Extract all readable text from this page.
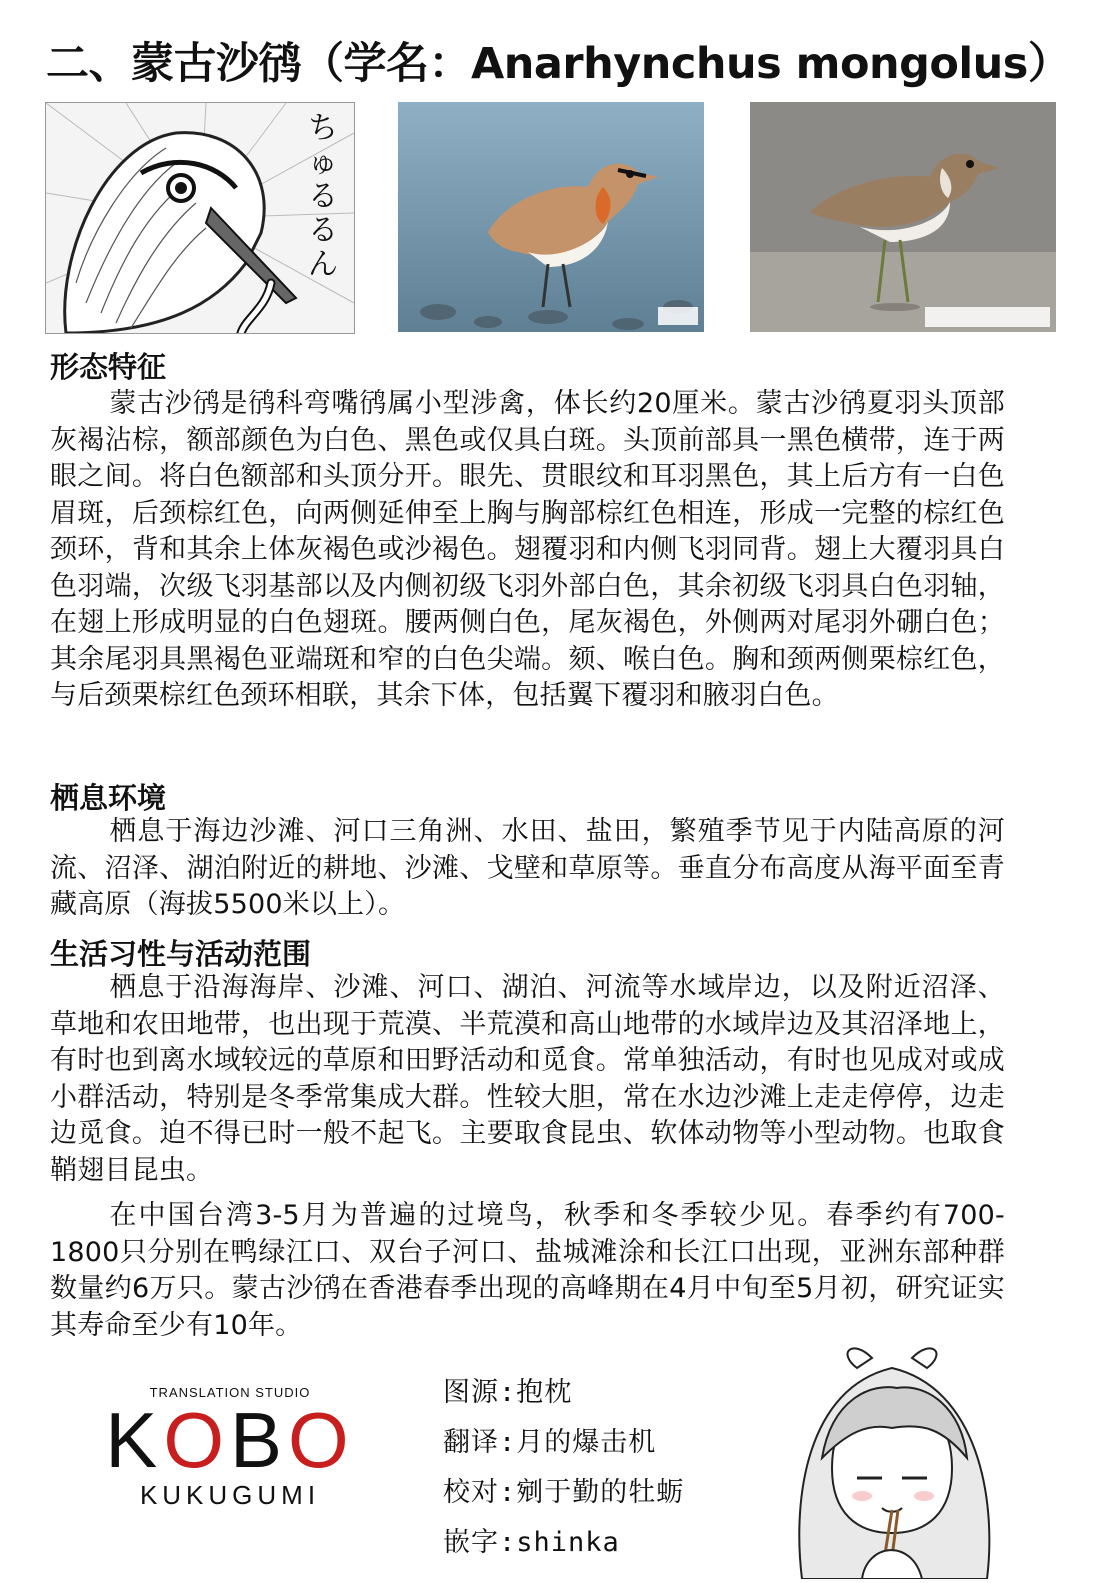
二、蒙古沙鸻（学名：Anarhynchus mongolus）
ちゅるるん
形态特征

蒙古沙鸻是鸻科弯嘴鸻属小型涉禽，体长约20厘米。蒙古沙鸻夏羽头顶部灰褐沾棕，额部颜色为白色、黑色或仅具白斑。头顶前部具一黑色横带，连于两眼之间。将白色额部和头顶分开。眼先、贯眼纹和耳羽黑色，其上后方有一白色眉斑，后颈棕红色，向两侧延伸至上胸与胸部棕红色相连，形成一完整的棕红色颈环，背和其余上体灰褐色或沙褐色。翅覆羽和内侧飞羽同背。翅上大覆羽具白色羽端，次级飞羽基部以及内侧初级飞羽外部白色，其余初级飞羽具白色羽轴，在翅上形成明显的白色翅斑。腰两侧白色，尾灰褐色，外侧两对尾羽外硼白色；其余尾羽具黑褐色亚端斑和窄的白色尖端。颏、喉白色。胸和颈两侧栗棕红色，与后颈栗棕红色颈环相联，其余下体，包括翼下覆羽和腋羽白色。

栖息环境

栖息于海边沙滩、河口三角洲、水田、盐田，繁殖季节见于内陆高原的河流、沼泽、湖泊附近的耕地、沙滩、戈壁和草原等。垂直分布高度从海平面至青藏高原（海拔5500米以上）。

生活习性与活动范围

栖息于沿海海岸、沙滩、河口、湖泊、河流等水域岸边，以及附近沼泽、草地和农田地带，也出现于荒漠、半荒漠和高山地带的水域岸边及其沼泽地上，有时也到离水域较远的草原和田野活动和觅食。常单独活动，有时也见成对或成小群活动，特别是冬季常集成大群。性较大胆，常在水边沙滩上走走停停，边走边觅食。迫不得已时一般不起飞。主要取食昆虫、软体动物等小型动物。也取食鞘翅目昆虫。

在中国台湾3-5月为普遍的过境鸟，秋季和冬季较少见。春季约有700-1800只分别在鸭绿江口、双台子河口、盐城滩涂和长江口出现，亚洲东部种群数量约6万只。蒙古沙鸻在香港春季出现的高峰期在4月中旬至5月初，研究证实其寿命至少有10年。

TRANSLATION STUDIO
KOBO
KUKUGUMI
图源:抱枕
翻译:月的爆击机
校对:剜于勤的牡蛎
嵌字:shinka
